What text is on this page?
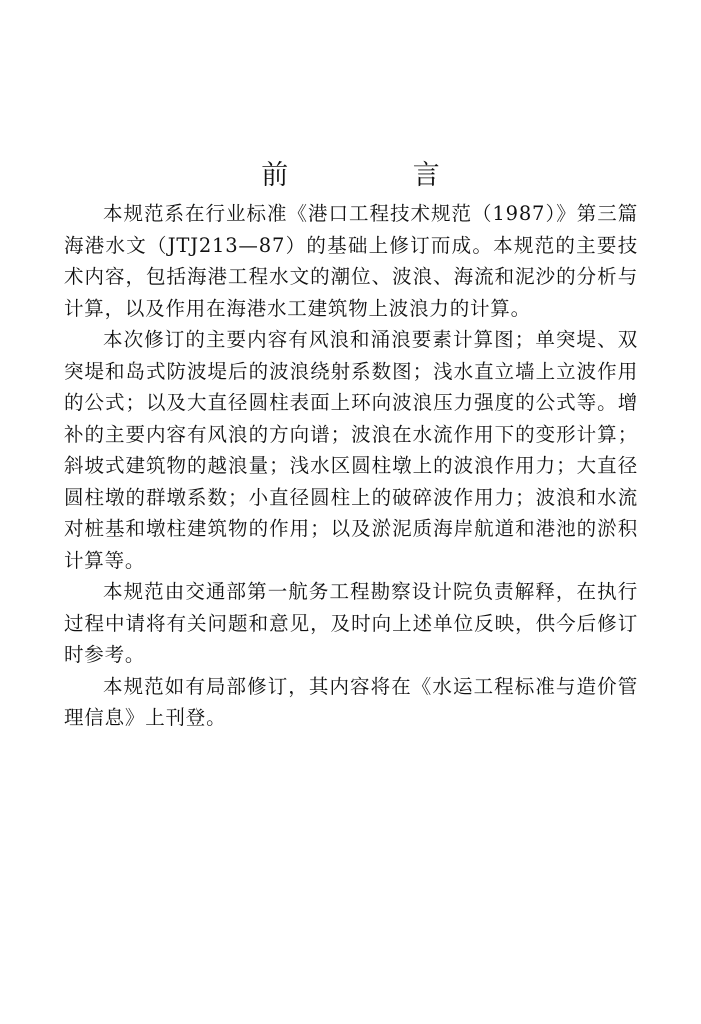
前 言

本规范系在行业标准《港口工程技术规范（1987）》第三篇海港水文（JTJ213—87）的基础上修订而成。本规范的主要技术内容，包括海港工程水文的潮位、波浪、海流和泥沙的分析与计算，以及作用在海港水工建筑物上波浪力的计算。

本次修订的主要内容有风浪和涌浪要素计算图；单突堤、双突堤和岛式防波堤后的波浪绕射系数图；浅水直立墙上立波作用的公式；以及大直径圆柱表面上环向波浪压力强度的公式等。增补的主要内容有风浪的方向谱；波浪在水流作用下的变形计算；斜坡式建筑物的越浪量；浅水区圆柱墩上的波浪作用力；大直径圆柱墩的群墩系数；小直径圆柱上的破碎波作用力；波浪和水流对桩基和墩柱建筑物的作用；以及淤泥质海岸航道和港池的淤积计算等。

本规范由交通部第一航务工程勘察设计院负责解释，在执行过程中请将有关问题和意见，及时向上述单位反映，供今后修订时参考。

本规范如有局部修订，其内容将在《水运工程标准与造价管理信息》上刊登。
